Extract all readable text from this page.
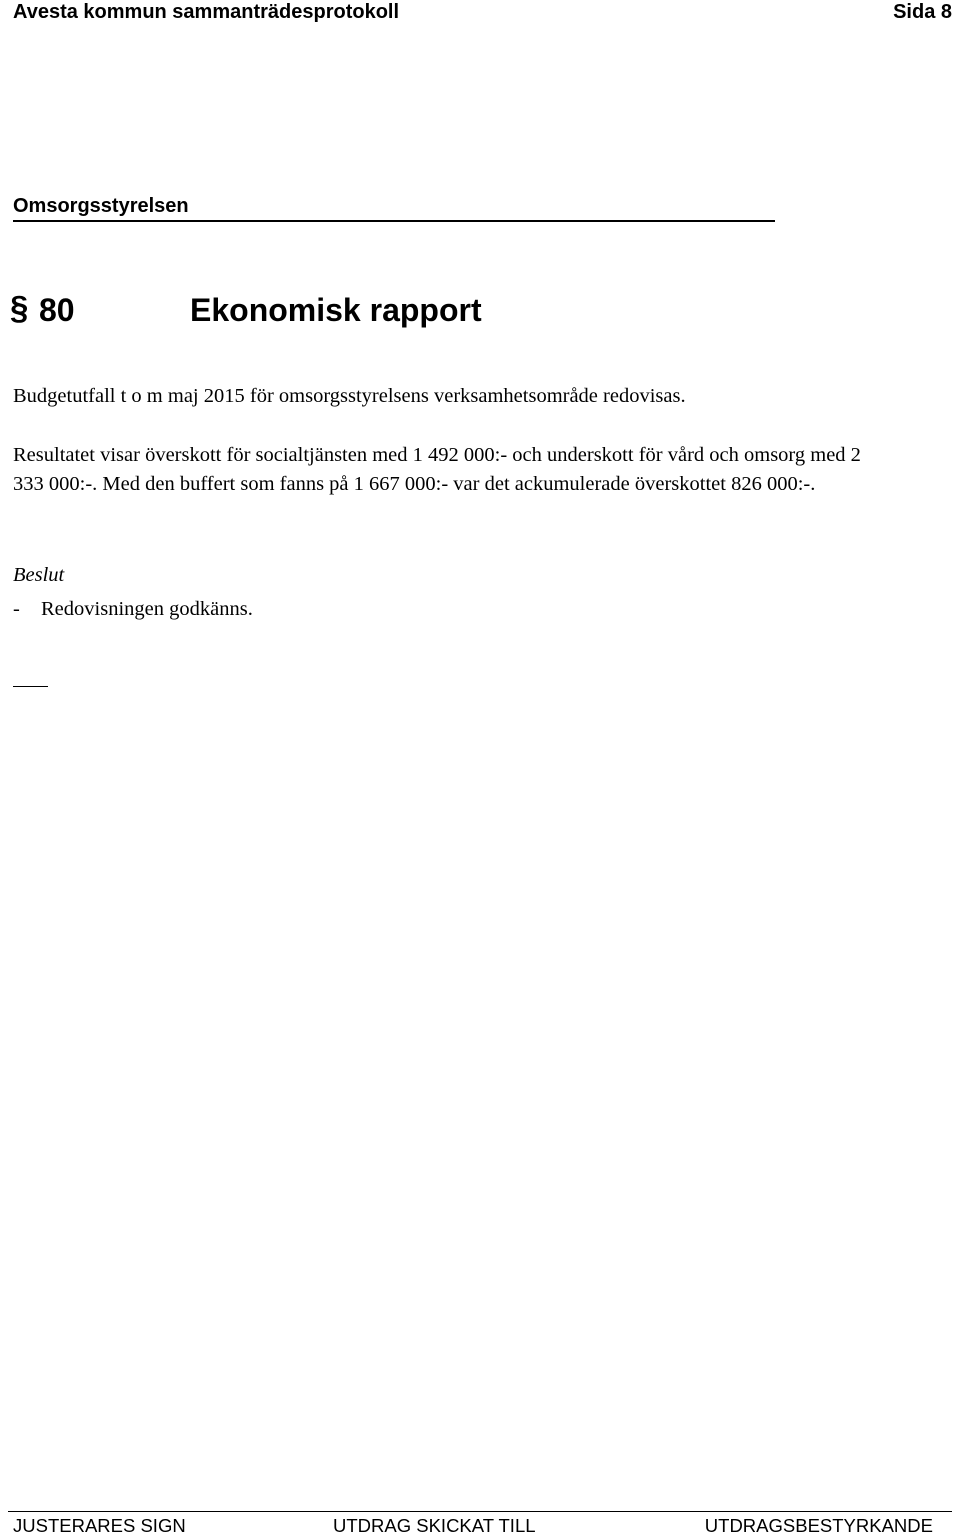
Avesta kommun sammanträdesprotokoll	Sida 8
Omsorgsstyrelsen
§ 80	Ekonomisk rapport
Budgetutfall t o m maj 2015 för omsorgsstyrelsens verksamhetsområde redovisas.
Resultatet visar överskott för socialtjänsten med 1 492 000:- och underskott för vård och omsorg med 2 333 000:-. Med den buffert som fanns på 1 667 000:- var det ackumulerade överskottet 826 000:-.
Beslut
- Redovisningen godkänns.
JUSTERARES SIGN	UTDRAG SKICKAT TILL	UTDRAGSBESTYRKANDE
